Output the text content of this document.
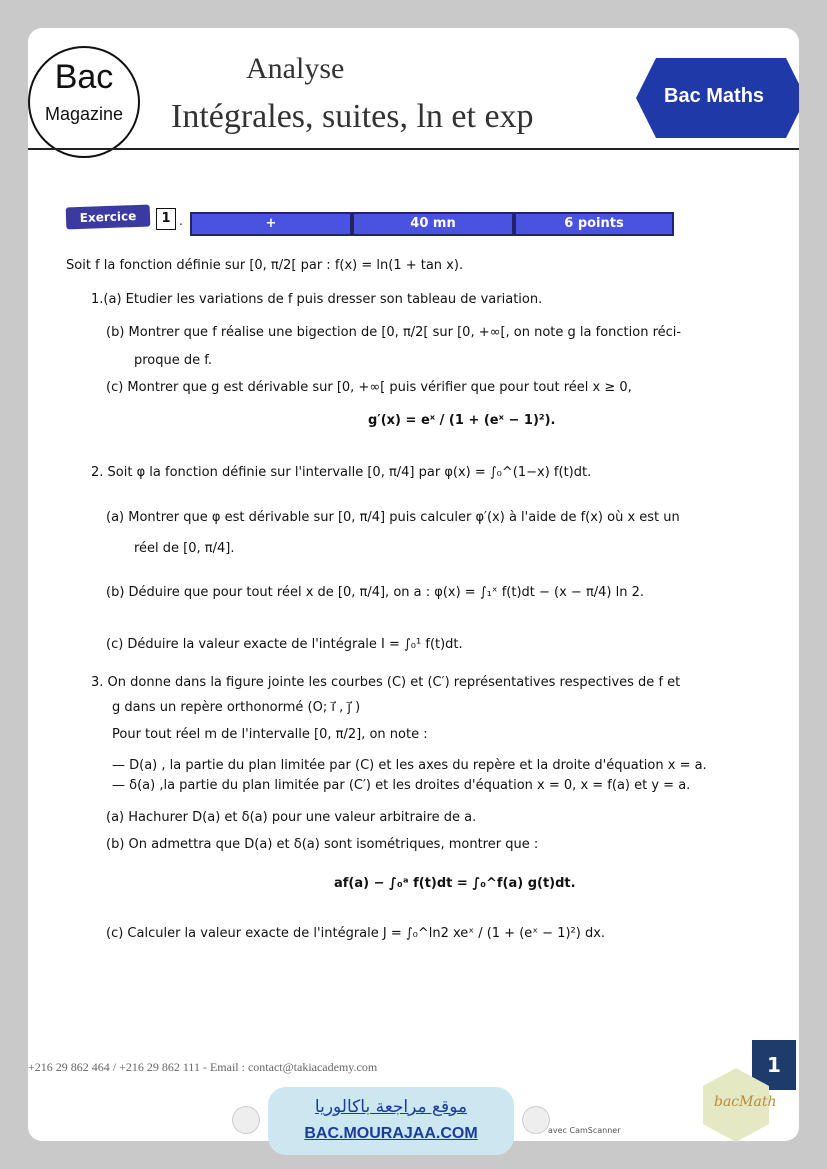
Bac
Magazine
Analyse
Intégrales, suites, ln et exp
Bac Maths
Exercice	1 .	+	40 mn	6 points
Soit f la fonction définie sur [0, π/2[ par : f(x) = ln(1 + tan x).
1.(a) Etudier les variations de f puis dresser son tableau de variation.
(b) Montrer que f réalise une bigection de [0, π/2[ sur [0, +∞[, on note g la fonction réci-
proque de f.
(c) Montrer que g est dérivable sur [0, +∞[ puis vérifier que pour tout réel x ≥ 0,
g′(x) = eˣ / (1 + (eˣ − 1)²).
2. Soit φ la fonction définie sur l'intervalle [0, π/4] par φ(x) = ∫₀^(1−x) f(t)dt.
(a) Montrer que φ est dérivable sur [0, π/4] puis calculer φ′(x) à l'aide de f(x) où x est un
réel de [0, π/4].
(b) Déduire que pour tout réel x de [0, π/4], on a : φ(x) = ∫₁ˣ f(t)dt − (x − π/4) ln 2.
(c) Déduire la valeur exacte de l'intégrale I = ∫₀¹ f(t)dt.
3. On donne dans la figure jointe les courbes (C) et (C′) représentatives respectives de f et
g dans un repère orthonormé (O; i⃗ , j⃗ )
Pour tout réel m de l'intervalle [0, π/2], on note :
— D(a) , la partie du plan limitée par (C) et les axes du repère et la droite d'équation x = a.
— δ(a) ,la partie du plan limitée par (C′) et les droites d'équation x = 0, x = f(a) et y = a.
(a) Hachurer D(a) et δ(a) pour une valeur arbitraire de a.
(b) On admettra que D(a) et δ(a) sont isométriques, montrer que :
af(a) − ∫₀ᵃ f(t)dt = ∫₀^f(a) g(t)dt.
(c) Calculer la valeur exacte de l'intégrale J = ∫₀^ln2 xeˣ / (1 + (eˣ − 1)²) dx.
+216 29 862 464 / +216 29 862 111 - Email : contact@takiacademy.com	1
موقع مراجعة باكالوريا
BAC.MOURAJAA.COM	avec CamScanner
bacMath
